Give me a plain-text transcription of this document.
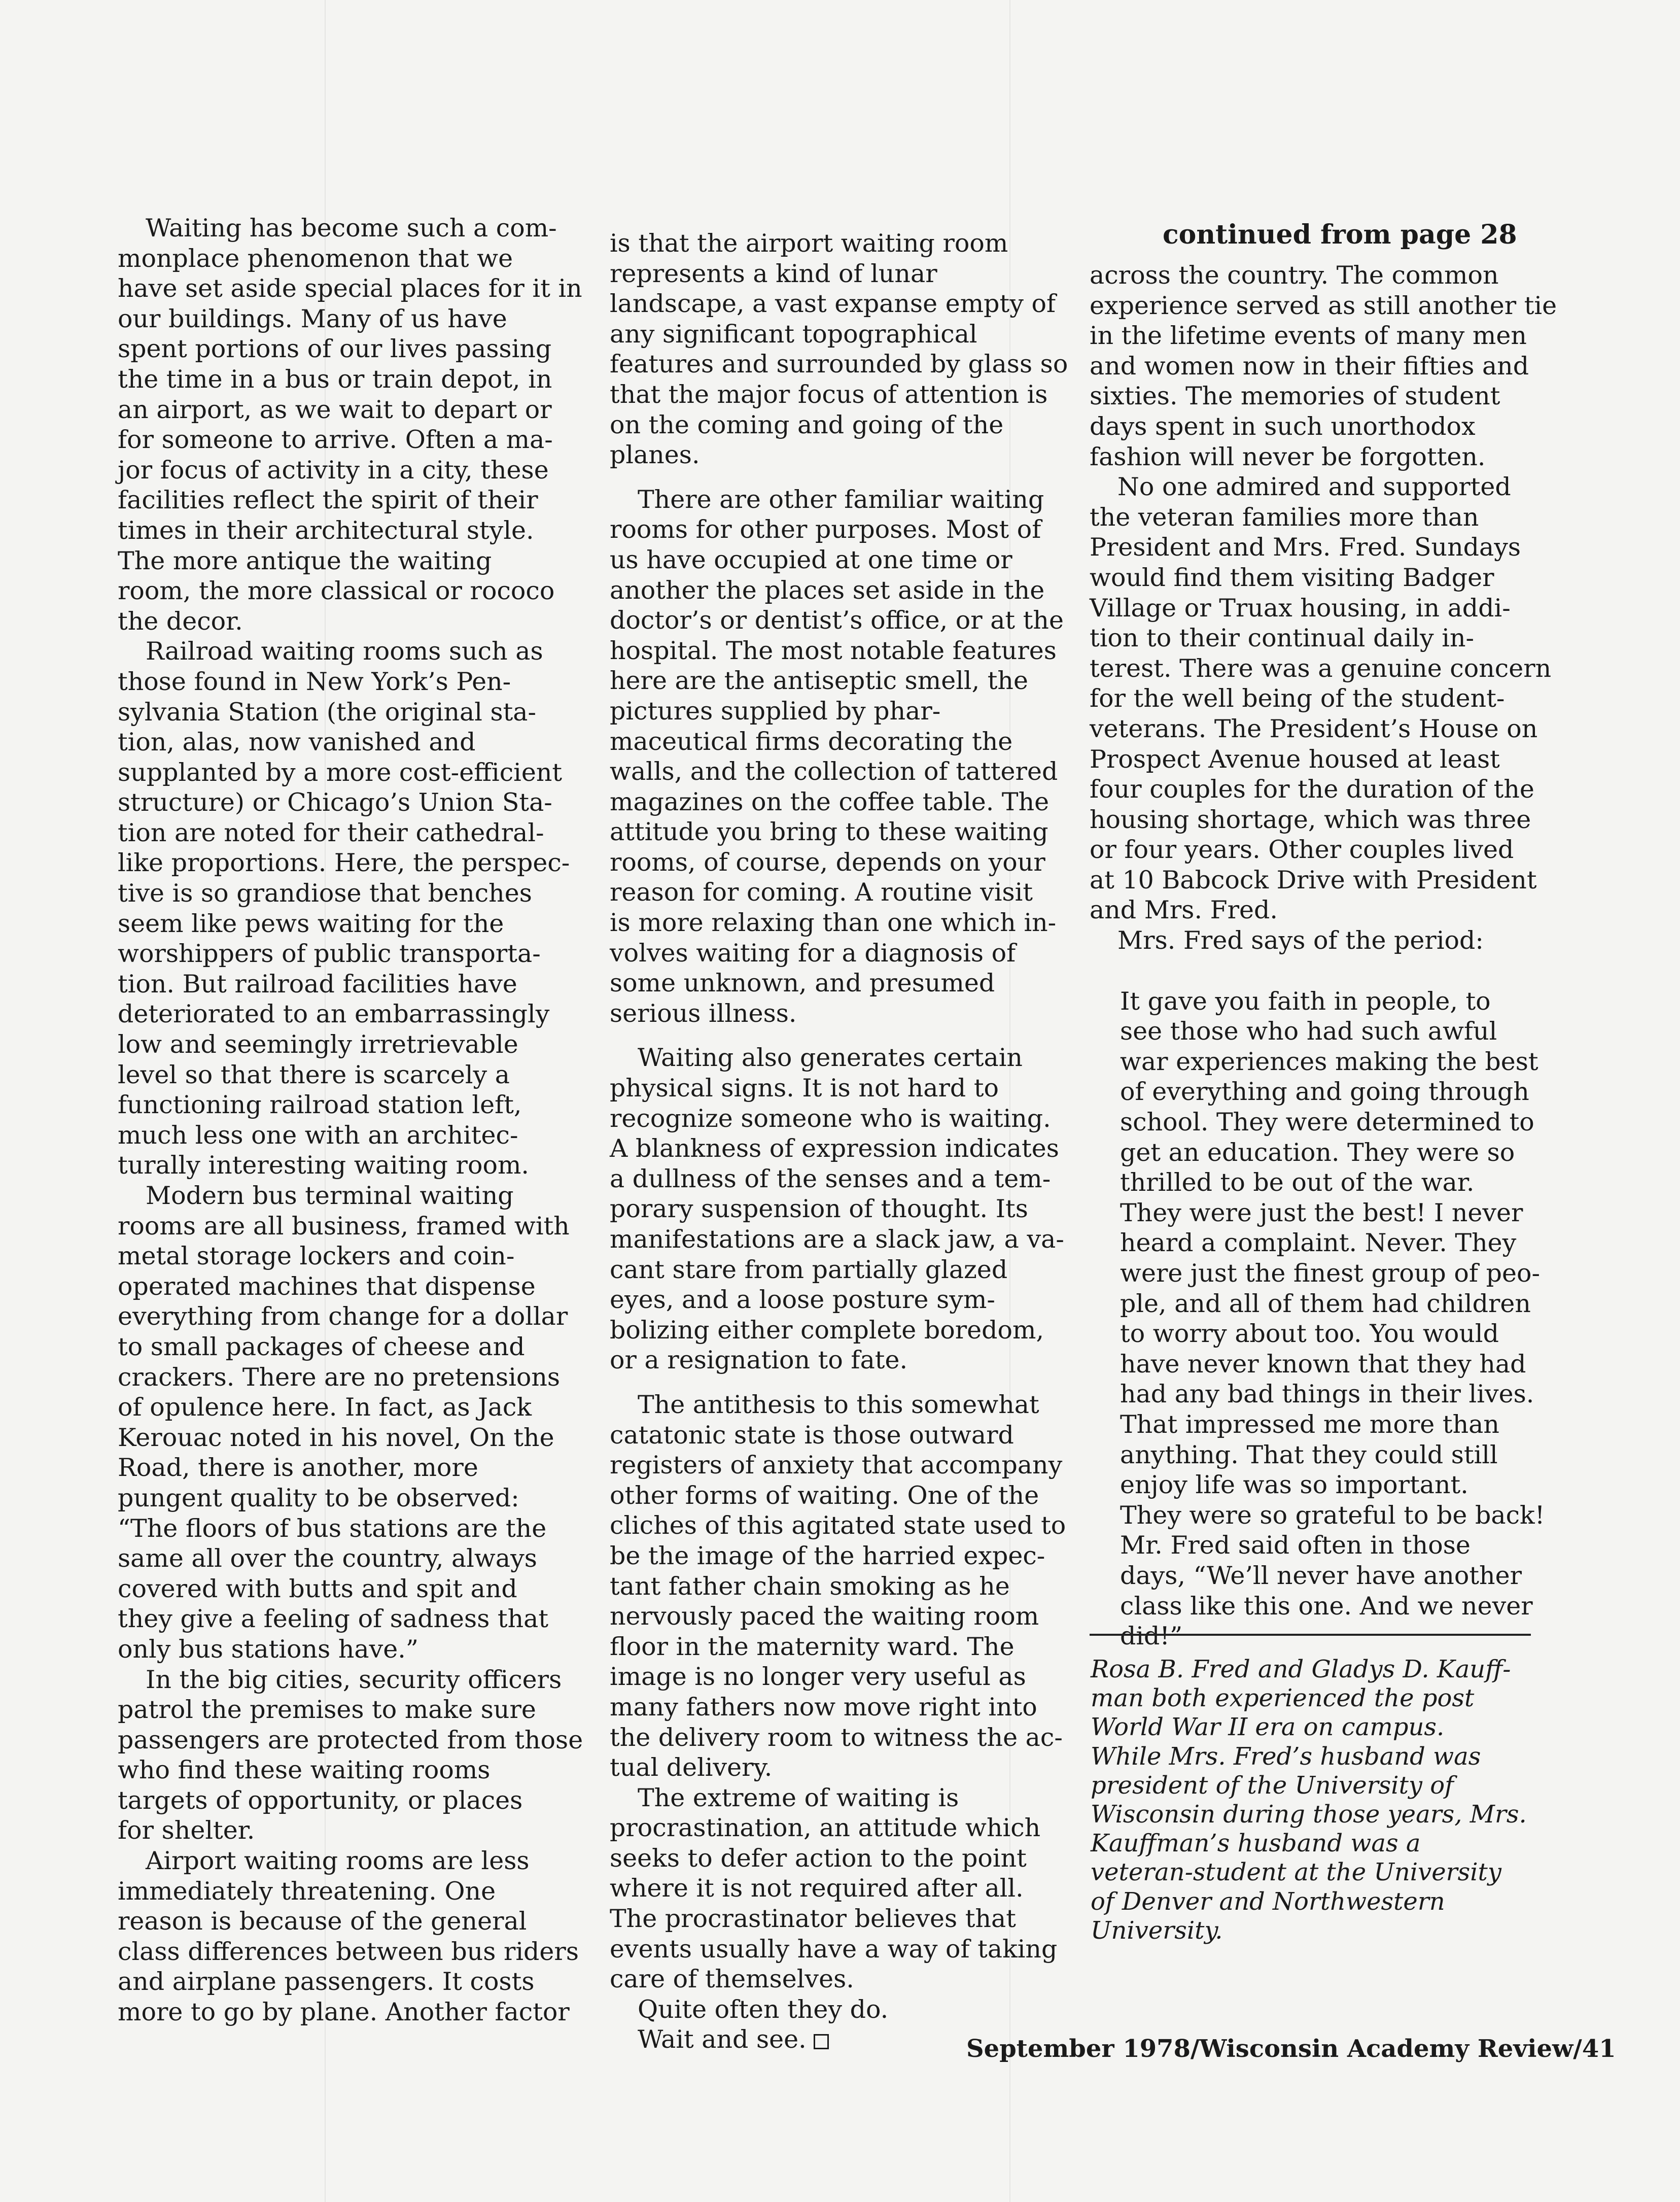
Waiting has become such a com-
monplace phenomenon that we
have set aside special places for it in
our buildings. Many of us have
spent portions of our lives passing
the time in a bus or train depot, in
an airport, as we wait to depart or
for someone to arrive. Often a ma-
jor focus of activity in a city, these
facilities reflect the spirit of their
times in their architectural style.
The more antique the waiting
room, the more classical or rococo
the decor.
Railroad waiting rooms such as
those found in New York’s Pen-
sylvania Station (the original sta-
tion, alas, now vanished and
supplanted by a more cost-efficient
structure) or Chicago’s Union Sta-
tion are noted for their cathedral-
like proportions. Here, the perspec-
tive is so grandiose that benches
seem like pews waiting for the
worshippers of public transporta-
tion. But railroad facilities have
deteriorated to an embarrassingly
low and seemingly irretrievable
level so that there is scarcely a
functioning railroad station left,
much less one with an architec-
turally interesting waiting room.
Modern bus terminal waiting
rooms are all business, framed with
metal storage lockers and coin-
operated machines that dispense
everything from change for a dollar
to small packages of cheese and
crackers. There are no pretensions
of opulence here. In fact, as Jack
Kerouac noted in his novel, On the
Road, there is another, more
pungent quality to be observed:
“The floors of bus stations are the
same all over the country, always
covered with butts and spit and
they give a feeling of sadness that
only bus stations have.”
In the big cities, security officers
patrol the premises to make sure
passengers are protected from those
who find these waiting rooms
targets of opportunity, or places
for shelter.
Airport waiting rooms are less
immediately threatening. One
reason is because of the general
class differences between bus riders
and airplane passengers. It costs
more to go by plane. Another factor
is that the airport waiting room
represents a kind of lunar
landscape, a vast expanse empty of
any significant topographical
features and surrounded by glass so
that the major focus of attention is
on the coming and going of the
planes.
There are other familiar waiting
rooms for other purposes. Most of
us have occupied at one time or
another the places set aside in the
doctor’s or dentist’s office, or at the
hospital. The most notable features
here are the antiseptic smell, the
pictures supplied by phar-
maceutical firms decorating the
walls, and the collection of tattered
magazines on the coffee table. The
attitude you bring to these waiting
rooms, of course, depends on your
reason for coming. A routine visit
is more relaxing than one which in-
volves waiting for a diagnosis of
some unknown, and presumed
serious illness.
Waiting also generates certain
physical signs. It is not hard to
recognize someone who is waiting.
A blankness of expression indicates
a dullness of the senses and a tem-
porary suspension of thought. Its
manifestations are a slack jaw, a va-
cant stare from partially glazed
eyes, and a loose posture sym-
bolizing either complete boredom,
or a resignation to fate.
The antithesis to this somewhat
catatonic state is those outward
registers of anxiety that accompany
other forms of waiting. One of the
cliches of this agitated state used to
be the image of the harried expec-
tant father chain smoking as he
nervously paced the waiting room
floor in the maternity ward. The
image is no longer very useful as
many fathers now move right into
the delivery room to witness the ac-
tual delivery.
The extreme of waiting is
procrastination, an attitude which
seeks to defer action to the point
where it is not required after all.
The procrastinator believes that
events usually have a way of taking
care of themselves.
Quite often they do.
Wait and see.
continued from page 28
across the country. The common
experience served as still another tie
in the lifetime events of many men
and women now in their fifties and
sixties. The memories of student
days spent in such unorthodox
fashion will never be forgotten.
No one admired and supported
the veteran families more than
President and Mrs. Fred. Sundays
would find them visiting Badger
Village or Truax housing, in addi-
tion to their continual daily in-
terest. There was a genuine concern
for the well being of the student-
veterans. The President’s House on
Prospect Avenue housed at least
four couples for the duration of the
housing shortage, which was three
or four years. Other couples lived
at 10 Babcock Drive with President
and Mrs. Fred.
Mrs. Fred says of the period:
It gave you faith in people, to
see those who had such awful
war experiences making the best
of everything and going through
school. They were determined to
get an education. They were so
thrilled to be out of the war.
They were just the best! I never
heard a complaint. Never. They
were just the finest group of peo-
ple, and all of them had children
to worry about too. You would
have never known that they had
had any bad things in their lives.
That impressed me more than
anything. That they could still
enjoy life was so important.
They were so grateful to be back!
Mr. Fred said often in those
days, “We’ll never have another
class like this one. And we never
did!”
Rosa B. Fred and Gladys D. Kauff-
man both experienced the post
World War II era on campus.
While Mrs. Fred’s husband was
president of the University of
Wisconsin during those years, Mrs.
Kauffman’s husband was a
veteran-student at the University
of Denver and Northwestern
University.
September 1978/Wisconsin Academy Review/41
